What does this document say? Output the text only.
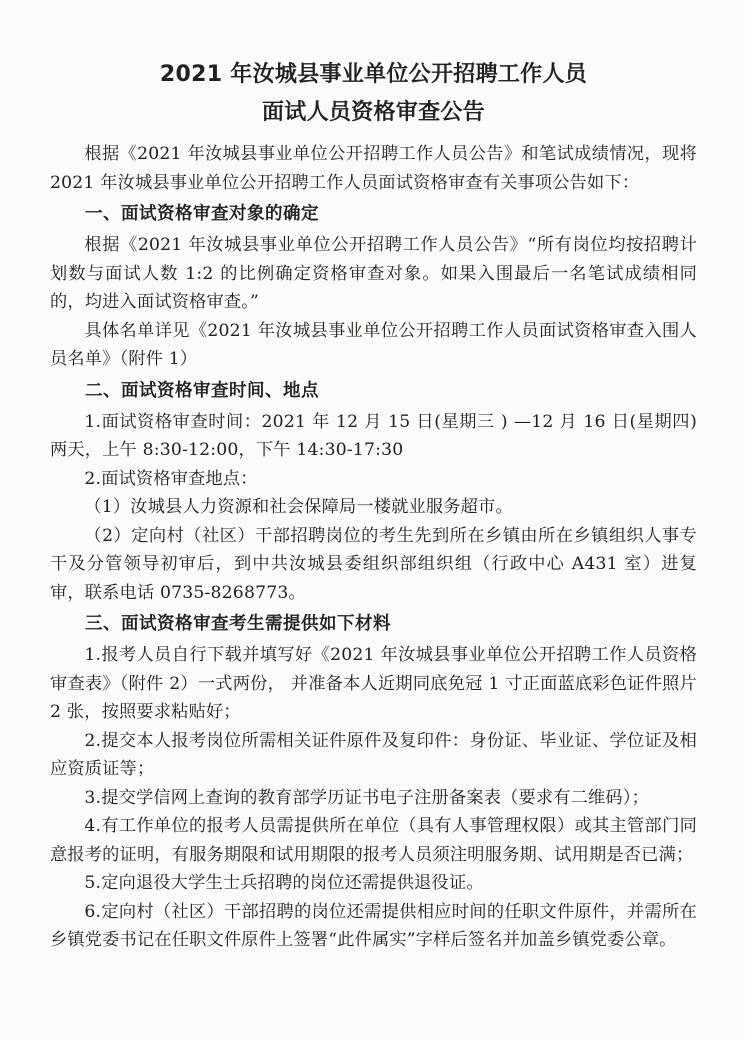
2021 年汝城县事业单位公开招聘工作人员
面试人员资格审查公告

根据《2021 年汝城县事业单位公开招聘工作人员公告》和笔试成绩情况，现将 2021 年汝城县事业单位公开招聘工作人员面试资格审查有关事项公告如下：

一、面试资格审查对象的确定

根据《2021 年汝城县事业单位公开招聘工作人员公告》“所有岗位均按招聘计划数与面试人数 1:2 的比例确定资格审查对象。如果入围最后一名笔试成绩相同的，均进入面试资格审查。”

具体名单详见《2021 年汝城县事业单位公开招聘工作人员面试资格审查入围人员名单》（附件 1）

二、面试资格审查时间、地点

1.面试资格审查时间：2021 年 12 月 15 日(星期三 ) —12 月 16 日(星期四)两天，上午 8:30-12:00，下午 14:30-17:30

2.面试资格审查地点：

（1）汝城县人力资源和社会保障局一楼就业服务超市。

（2）定向村（社区）干部招聘岗位的考生先到所在乡镇由所在乡镇组织人事专干及分管领导初审后，到中共汝城县委组织部组织组（行政中心 A431 室）进复审，联系电话 0735-8268773。

三、面试资格审查考生需提供如下材料

1.报考人员自行下载并填写好《2021 年汝城县事业单位公开招聘工作人员资格审查表》（附件 2）一式两份， 并准备本人近期同底免冠 1 寸正面蓝底彩色证件照片 2 张，按照要求粘贴好；

2.提交本人报考岗位所需相关证件原件及复印件：身份证、毕业证、学位证及相应资质证等；

3.提交学信网上查询的教育部学历证书电子注册备案表（要求有二维码）；

4.有工作单位的报考人员需提供所在单位（具有人事管理权限）或其主管部门同意报考的证明，有服务期限和试用期限的报考人员须注明服务期、试用期是否已满；

5.定向退役大学生士兵招聘的岗位还需提供退役证。

6.定向村（社区）干部招聘的岗位还需提供相应时间的任职文件原件，并需所在乡镇党委书记在任职文件原件上签署“此件属实”字样后签名并加盖乡镇党委公章。
